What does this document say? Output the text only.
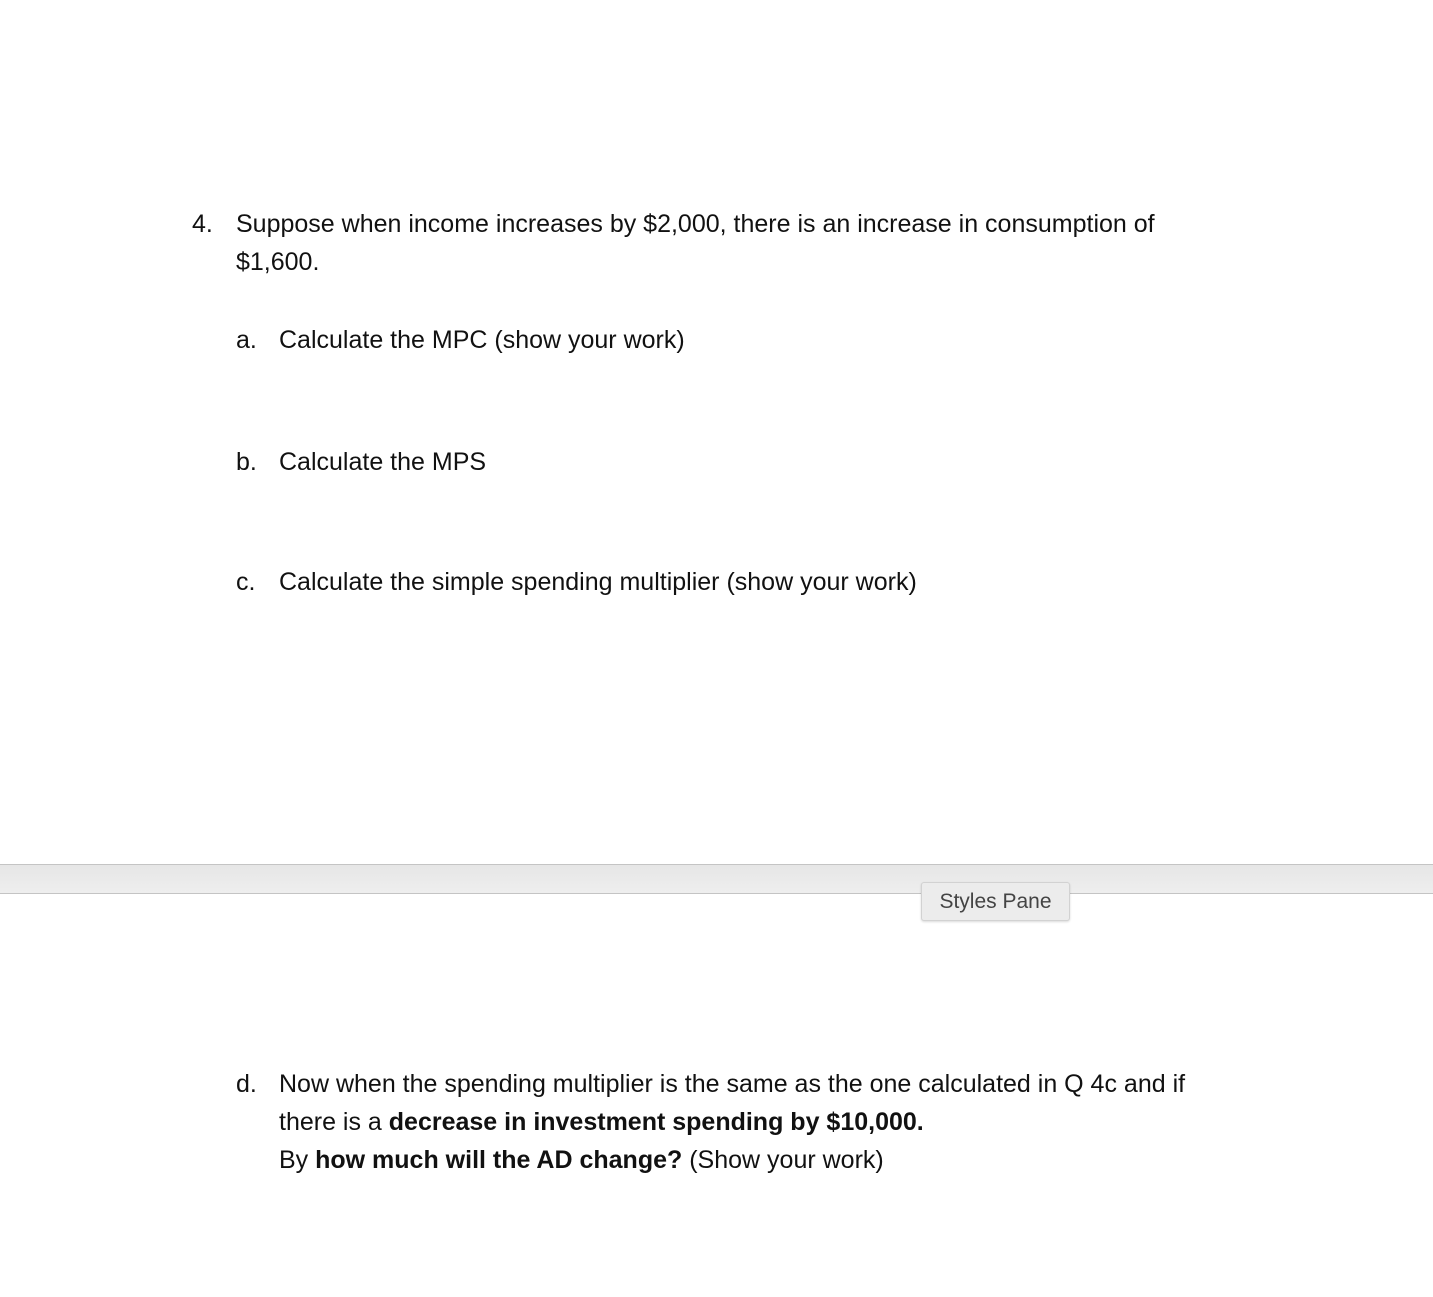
4. Suppose when income increases by $2,000, there is an increase in consumption of
$1,600.
a. Calculate the MPC (show your work)
b. Calculate the MPS
c. Calculate the simple spending multiplier (show your work)
Styles Pane
d. Now when the spending multiplier is the same as the one calculated in Q 4c and if
there is a decrease in investment spending by $10,000.
By how much will the AD change? (Show your work)
